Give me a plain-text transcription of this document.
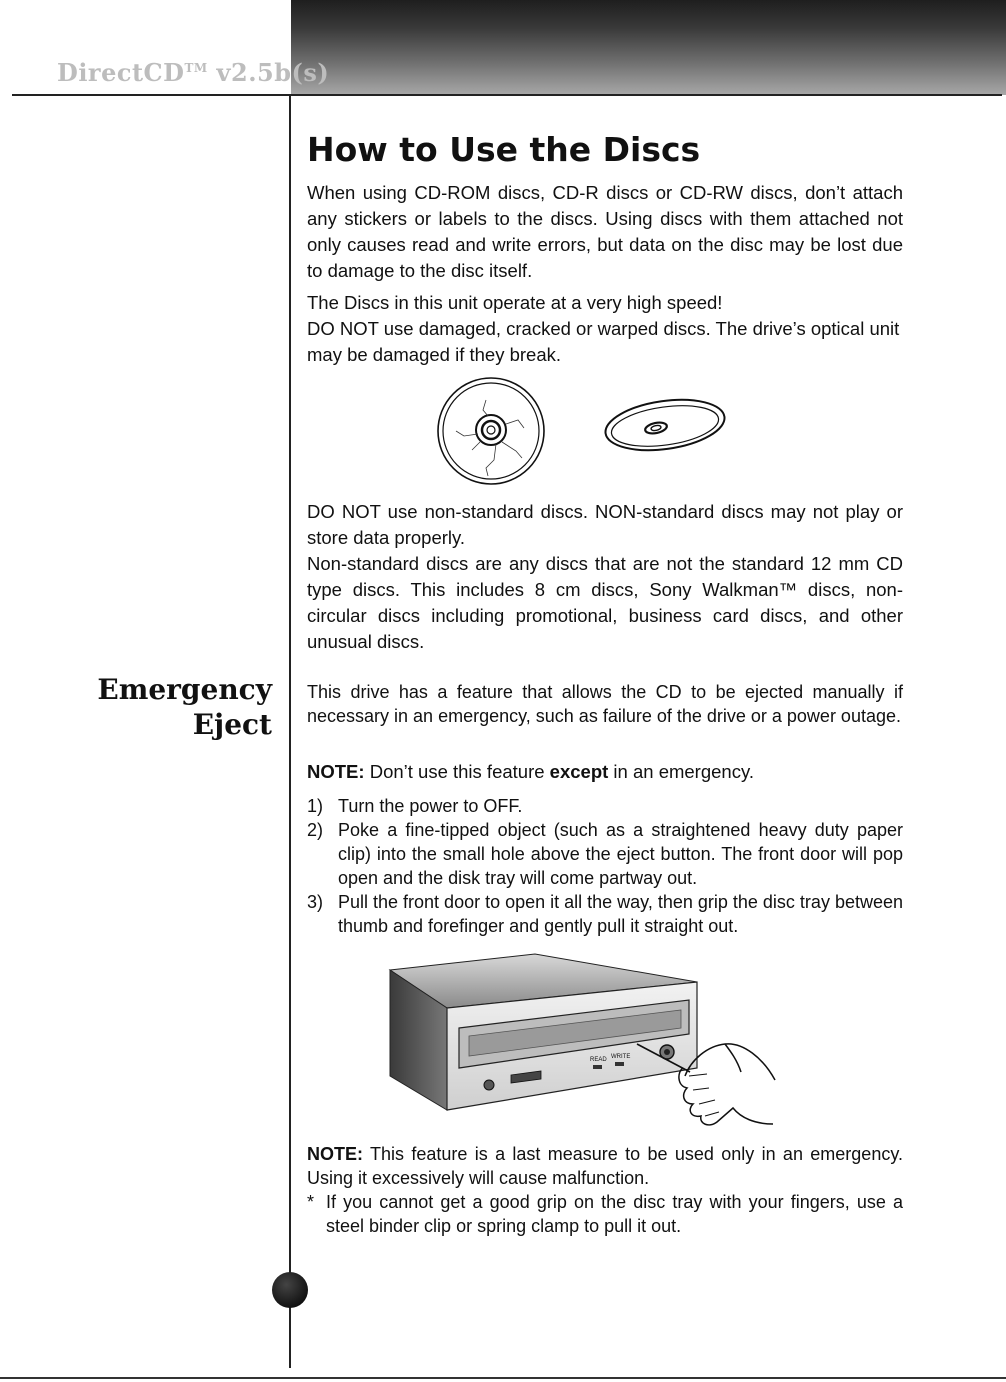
DirectCD™ v2.5b(s)
Emergency
Eject
How to Use the Discs

When using CD-ROM discs, CD-R discs or CD-RW discs, don’t attach any stickers or labels to the discs. Using discs with them attached not only causes read and write errors, but data on the disc may be lost due to damage to the disc itself.

The Discs in this unit operate at a very high speed!
DO NOT use damaged, cracked or warped discs. The drive’s optical unit may be damaged if they break.
DO NOT use non-standard discs. NON-standard discs may not play or store data properly.
Non-standard discs are any discs that are not the standard 12 mm CD type discs. This includes 8 cm discs, Sony Walkman™ discs, non-circular discs including promotional, business card discs, and other unusual discs.

This drive has a feature that allows the CD to be ejected manually if necessary in an emergency, such as failure of the drive or a power outage.

NOTE: Don’t use this feature except in an emergency.

1) Turn the power to OFF.
2) Poke a fine-tipped object (such as a straightened heavy duty paper clip) into the small hole above the eject button. The front door will pop open and the disk tray will come partway out.
3) Pull the front door to open it all the way, then grip the disc tray between thumb and forefinger and gently pull it straight out.
READ WRITE
NOTE: This feature is a last measure to be used only in an emergency. Using it excessively will cause malfunction.
* If you cannot get a good grip on the disc tray with your fingers, use a steel binder clip or spring clamp to pull it out.
